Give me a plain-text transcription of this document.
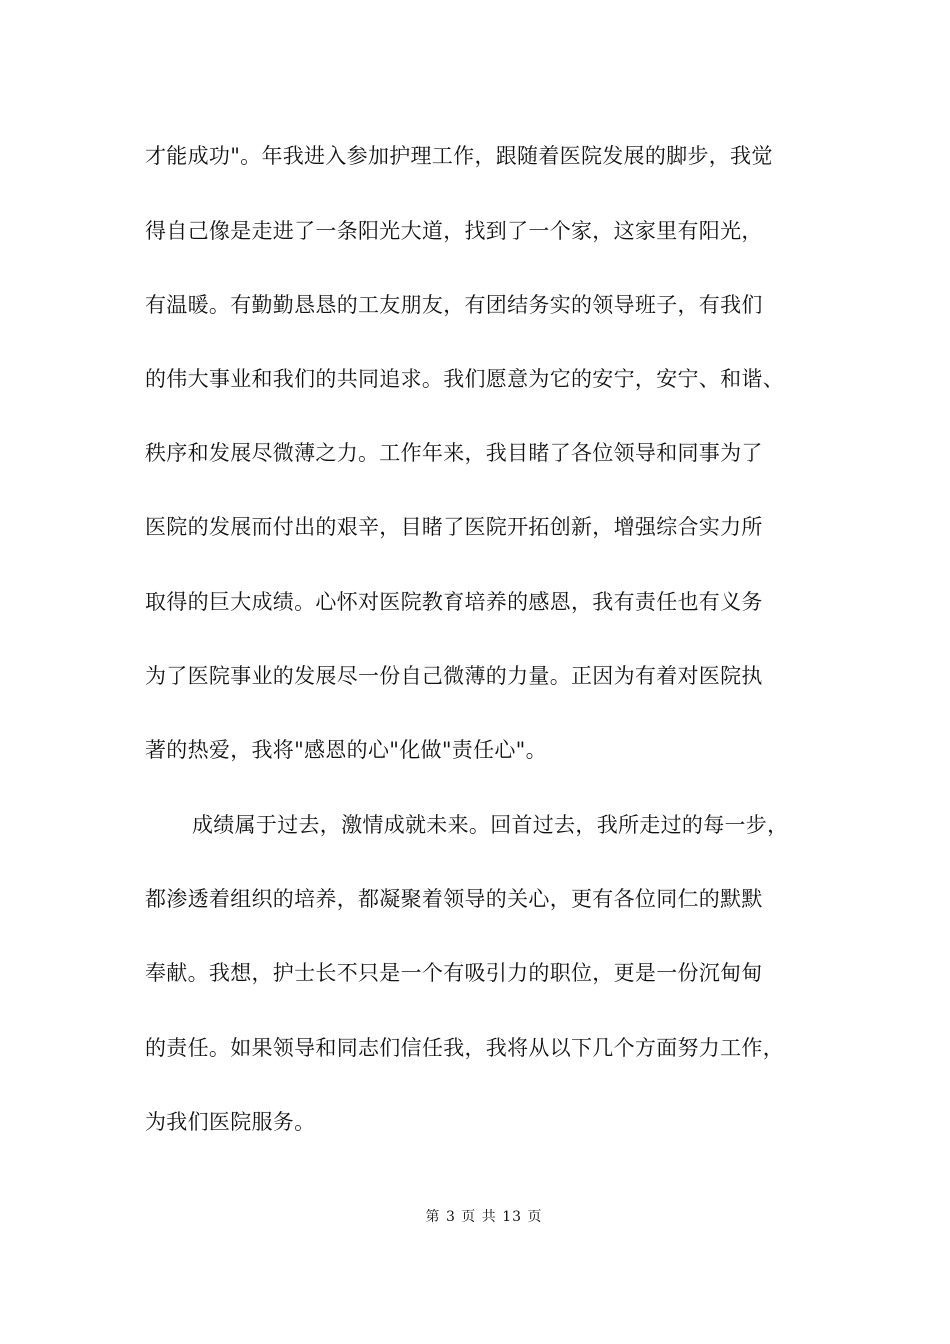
才能成功"。年我进入参加护理工作，跟随着医院发展的脚步，我觉
得自己像是走进了一条阳光大道，找到了一个家，这家里有阳光，
有温暖。有勤勤恳恳的工友朋友，有团结务实的领导班子，有我们
的伟大事业和我们的共同追求。我们愿意为它的安宁，安宁、和谐、
秩序和发展尽微薄之力。工作年来，我目睹了各位领导和同事为了
医院的发展而付出的艰辛，目睹了医院开拓创新，增强综合实力所
取得的巨大成绩。心怀对医院教育培养的感恩，我有责任也有义务
为了医院事业的发展尽一份自己微薄的力量。正因为有着对医院执
著的热爱，我将"感恩的心"化做"责任心"。
成绩属于过去，激情成就未来。回首过去，我所走过的每一步，
都渗透着组织的培养，都凝聚着领导的关心，更有各位同仁的默默
奉献。我想，护士长不只是一个有吸引力的职位，更是一份沉甸甸
的责任。如果领导和同志们信任我，我将从以下几个方面努力工作，
为我们医院服务。
第 3 页 共 13 页
